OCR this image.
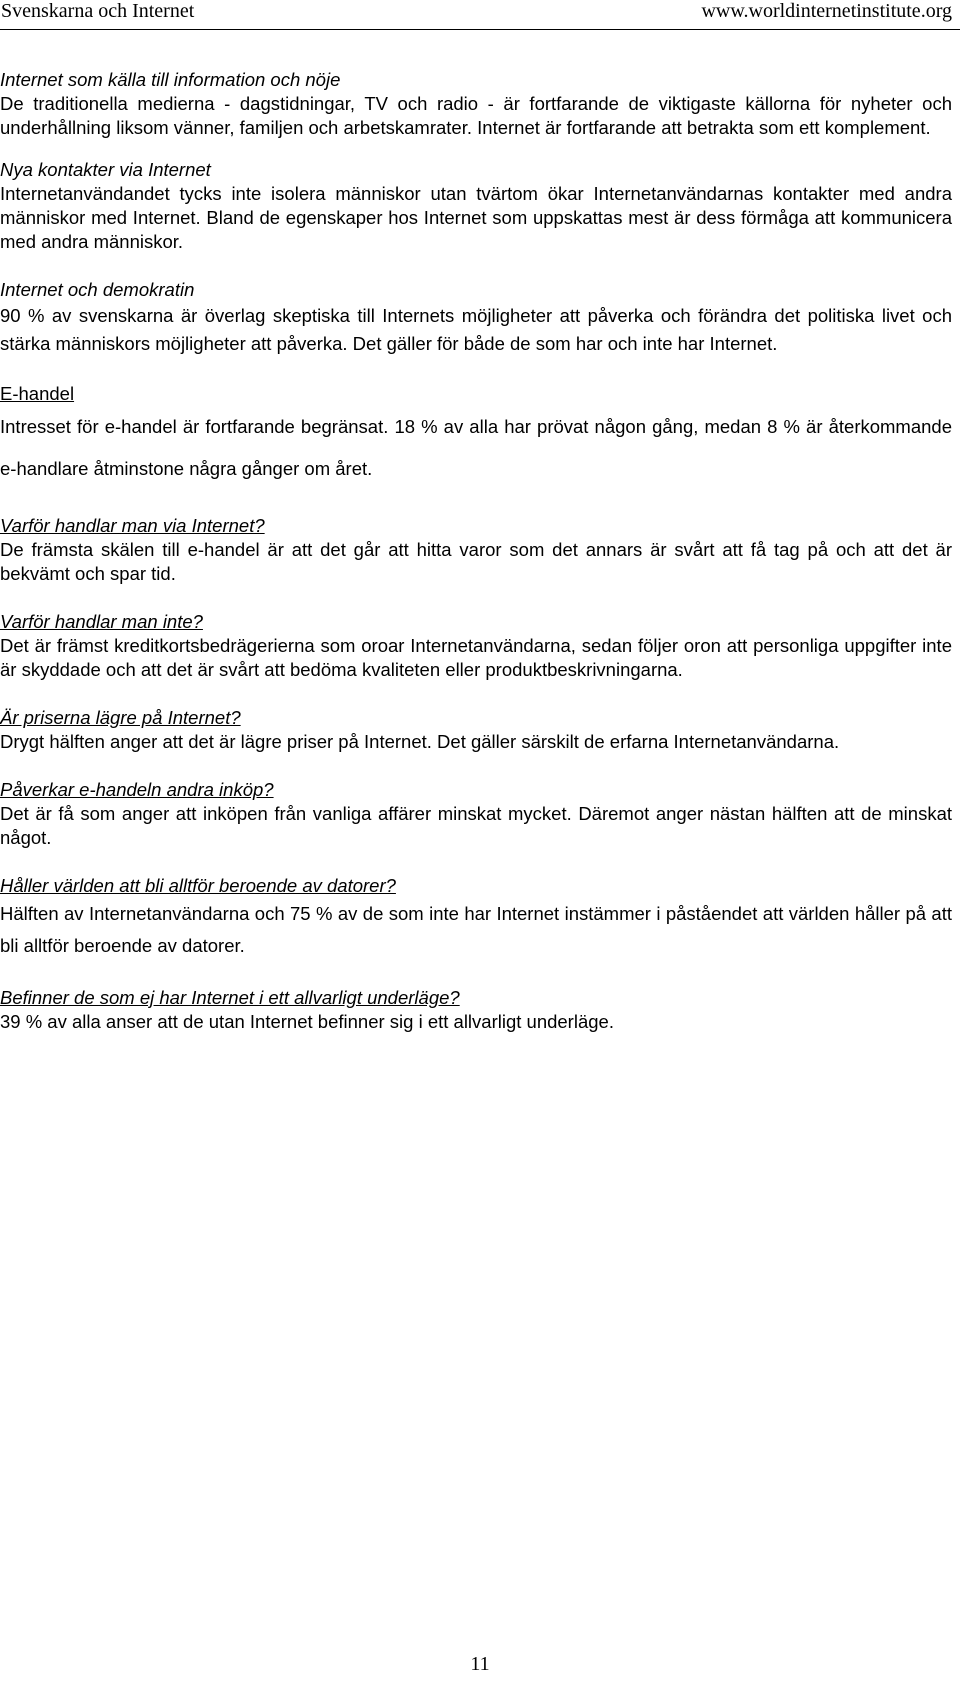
Svenskarna och Internet	www.worldinternetinstitute.org
Internet som källa till information och nöje

De traditionella medierna - dagstidningar, TV och radio - är fortfarande de viktigaste källorna för nyheter och underhållning liksom vänner, familjen och arbetskamrater. Internet är fortfarande att betrakta som ett komplement.

Nya kontakter via Internet

Internetanvändandet tycks inte isolera människor utan tvärtom ökar Internetanvändarnas kontakter med andra människor med Internet. Bland de egenskaper hos Internet som uppskattas mest är dess förmåga att kommunicera med andra människor.

Internet och demokratin

90 % av svenskarna är överlag skeptiska till Internets möjligheter att påverka och förändra det politiska livet och stärka människors möjligheter att påverka. Det gäller för både de som har och inte har Internet.

E-handel

Intresset för e-handel är fortfarande begränsat. 18 % av alla har prövat någon gång, medan 8 % är återkommande e-handlare åtminstone några gånger om året.

Varför handlar man via Internet?

De främsta skälen till e-handel är att det går att hitta varor som det annars är svårt att få tag på och att det är bekvämt och spar tid.

Varför handlar man inte?

Det är främst kreditkortsbedrägerierna som oroar Internetanvändarna, sedan följer oron att personliga uppgifter inte är skyddade och att det är svårt att bedöma kvaliteten eller produktbeskrivningarna.

Är priserna lägre på Internet?

Drygt hälften anger att det är lägre priser på Internet. Det gäller särskilt de erfarna Internetanvändarna.

Påverkar e-handeln andra inköp?

Det är få som anger att inköpen från vanliga affärer minskat mycket. Däremot anger nästan hälften att de minskat något.

Håller världen att bli alltför beroende av datorer?

Hälften av Internetanvändarna och 75 % av de som inte har Internet instämmer i påståendet att världen håller på att bli alltför beroende av datorer.

Befinner de som ej har Internet i ett allvarligt underläge?

39 % av alla anser att de utan Internet befinner sig i ett allvarligt underläge.

11
